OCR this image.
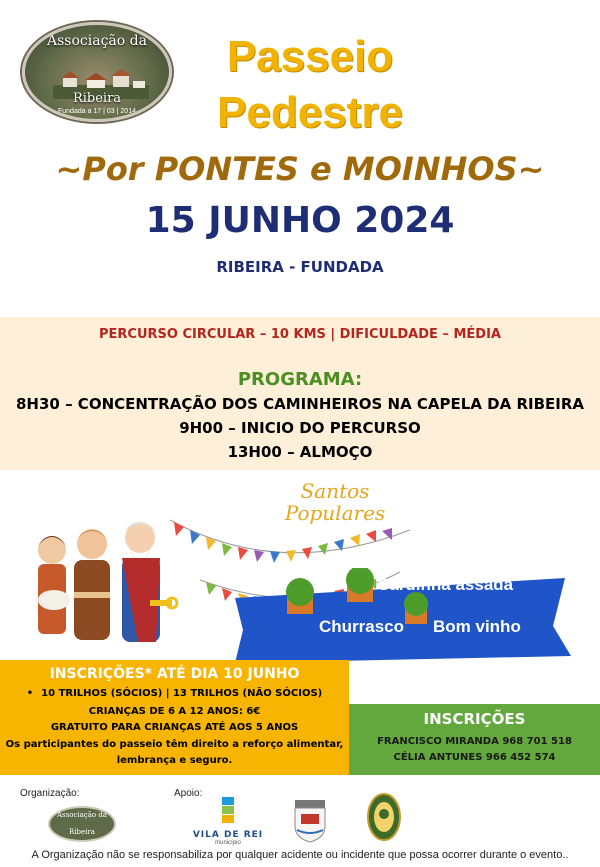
Associação da
Ribeira
Fundada a 17 | 03 | 2014
Passeio
Pedestre
~Por PONTES e MOINHOS~
15 JUNHO 2024
RIBEIRA - FUNDADA
PERCURSO CIRCULAR – 10 KMS | DIFICULDADE – MÉDIA
PROGRAMA:
8H30 – CONCENTRAÇÃO DOS CAMINHEIROS NA CAPELA DA RIBEIRA
9H00 – INICIO DO PERCURSO
13H00 – ALMOÇO
Santos
Populares
Sardinha assada
Churrasco Bom vinho
INSCRIÇÕES* ATÉ DIA 10 JUNHO
• 10 TRILHOS (SÓCIOS) | 13 TRILHOS (NÃO SÓCIOS)
CRIANÇAS DE 6 A 12 ANOS: 6€
GRATUITO PARA CRIANÇAS ATÉ AOS 5 ANOS
Os participantes do passeio têm direito a reforço alimentar,
lembrança e seguro.
INSCRIÇÕES
FRANCISCO MIRANDA 968 701 518
CÉLIA ANTUNES 966 452 574
Organização:	Apoio:
Associação da
Ribeira	VILA DE REI
município
A Organização não se responsabiliza por qualquer acidente ou incidente que possa ocorrer durante o evento..
